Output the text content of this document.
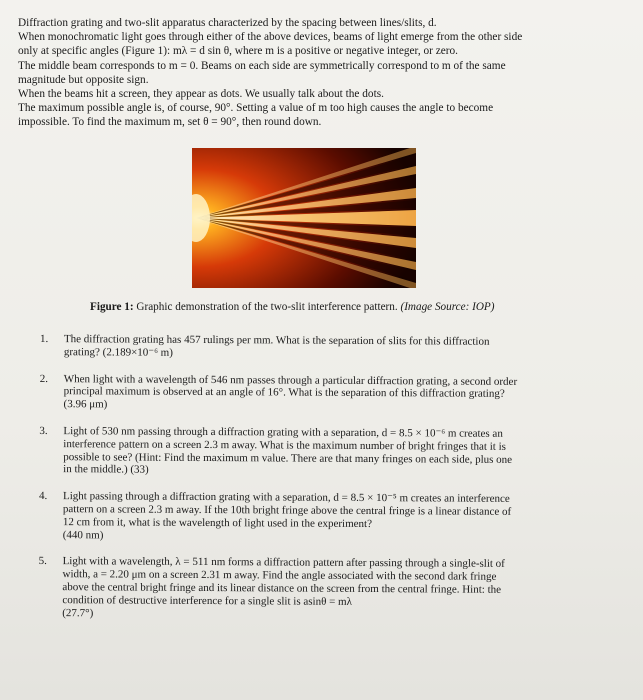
Diffraction grating and two-slit apparatus characterized by the spacing between lines/slits, d.

When monochromatic light goes through either of the above devices, beams of light emerge from the other side

only at specific angles (Figure 1): mλ = d sin θ, where m is a positive or negative integer, or zero.

The middle beam corresponds to m = 0. Beams on each side are symmetrically correspond to m of the same

magnitude but opposite sign.

When the beams hit a screen, they appear as dots. We usually talk about the dots.

The maximum possible angle is, of course, 90°. Setting a value of m too high causes the angle to become

impossible. To find the maximum m, set θ = 90°, then round down.

Figure 1: Graphic demonstration of the two-slit interference pattern. (Image Source: IOP)
1. The diffraction grating has 457 rulings per mm. What is the separation of slits for this diffraction

grating? (2.189×10⁻⁶ m)

2. When light with a wavelength of 546 nm passes through a particular diffraction grating, a second order

principal maximum is observed at an angle of 16°. What is the separation of this diffraction grating?

(3.96 μm)

3. Light of 530 nm passing through a diffraction grating with a separation, d = 8.5 × 10⁻⁶ m creates an

interference pattern on a screen 2.3 m away. What is the maximum number of bright fringes that it is

possible to see? (Hint: Find the maximum m value. There are that many fringes on each side, plus one

in the middle.) (33)

4. Light passing through a diffraction grating with a separation, d = 8.5 × 10⁻⁵ m creates an interference

pattern on a screen 2.3 m away. If the 10th bright fringe above the central fringe is a linear distance of

12 cm from it, what is the wavelength of light used in the experiment?

(440 nm)

5. Light with a wavelength, λ = 511 nm forms a diffraction pattern after passing through a single-slit of

width, a = 2.20 μm on a screen 2.31 m away. Find the angle associated with the second dark fringe

above the central bright fringe and its linear distance on the screen from the central fringe. Hint: the

condition of destructive interference for a single slit is asinθ = mλ

(27.7°)
